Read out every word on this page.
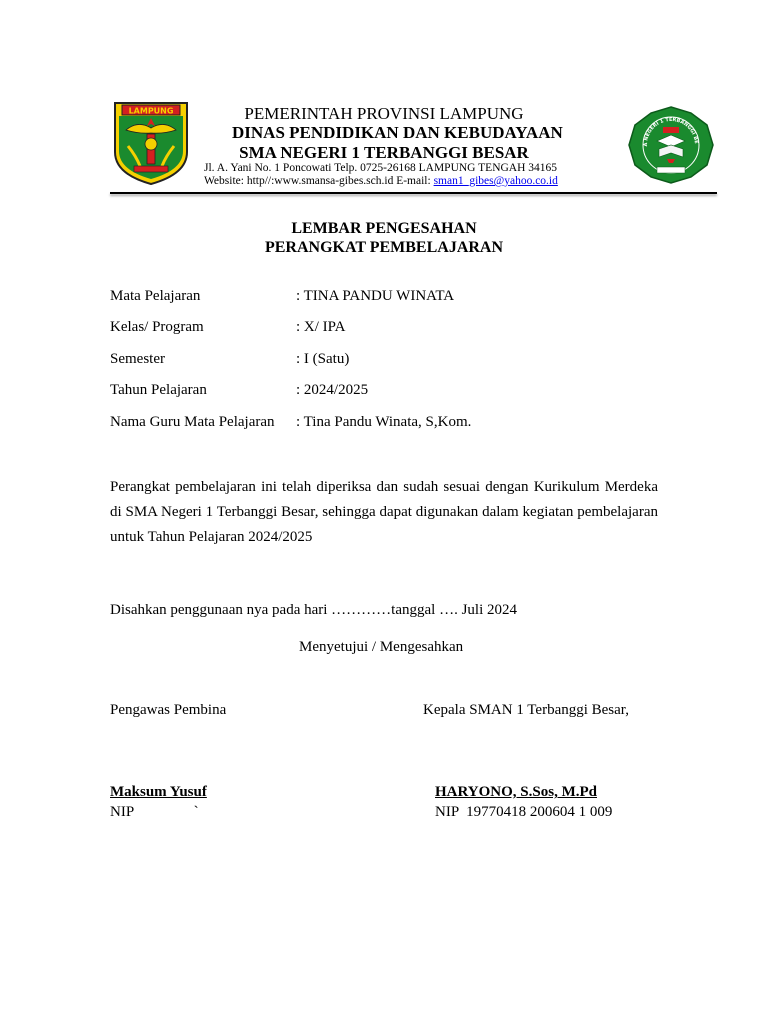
LAMPUNG	PEMERINTAH PROVINSI LAMPUNG
DINAS PENDIDIKAN DAN KEBUDAYAAN
SMA NEGERI 1 TERBANGGI BESAR
Jl. A. Yani No. 1 Poncowati Telp. 0725-26168 LAMPUNG TENGAH 34165
Website: http//:www.smansa-gibes.sch.id E-mail: sman1_gibes@yahoo.co.id
A NEGERI 1 TERBANGGI BE
LEMBAR PENGESAHAN
PERANGKAT PEMBELAJARAN
Mata Pelajaran	: TINA PANDU WINATA
Kelas/ Program	: X/ IPA
Semester	: I (Satu)
Tahun Pelajaran	: 2024/2025
Nama Guru Mata Pelajaran : Tina Pandu Winata, S,Kom.
Perangkat pembelajaran ini telah diperiksa dan sudah sesuai dengan Kurikulum Merdeka di SMA Negeri 1 Terbanggi Besar, sehingga dapat digunakan dalam kegiatan pembelajaran untuk Tahun Pelajaran 2024/2025
Disahkan penggunaan nya pada hari …………tanggal …. Juli 2024
Menyetujui / Mengesahkan
Pengawas Pembina	Kepala SMAN 1 Terbanggi Besar,
Maksum Yusuf	HARYONO, S.Sos, M.Pd
NIP                `	NIP  19770418 200604 1 009
